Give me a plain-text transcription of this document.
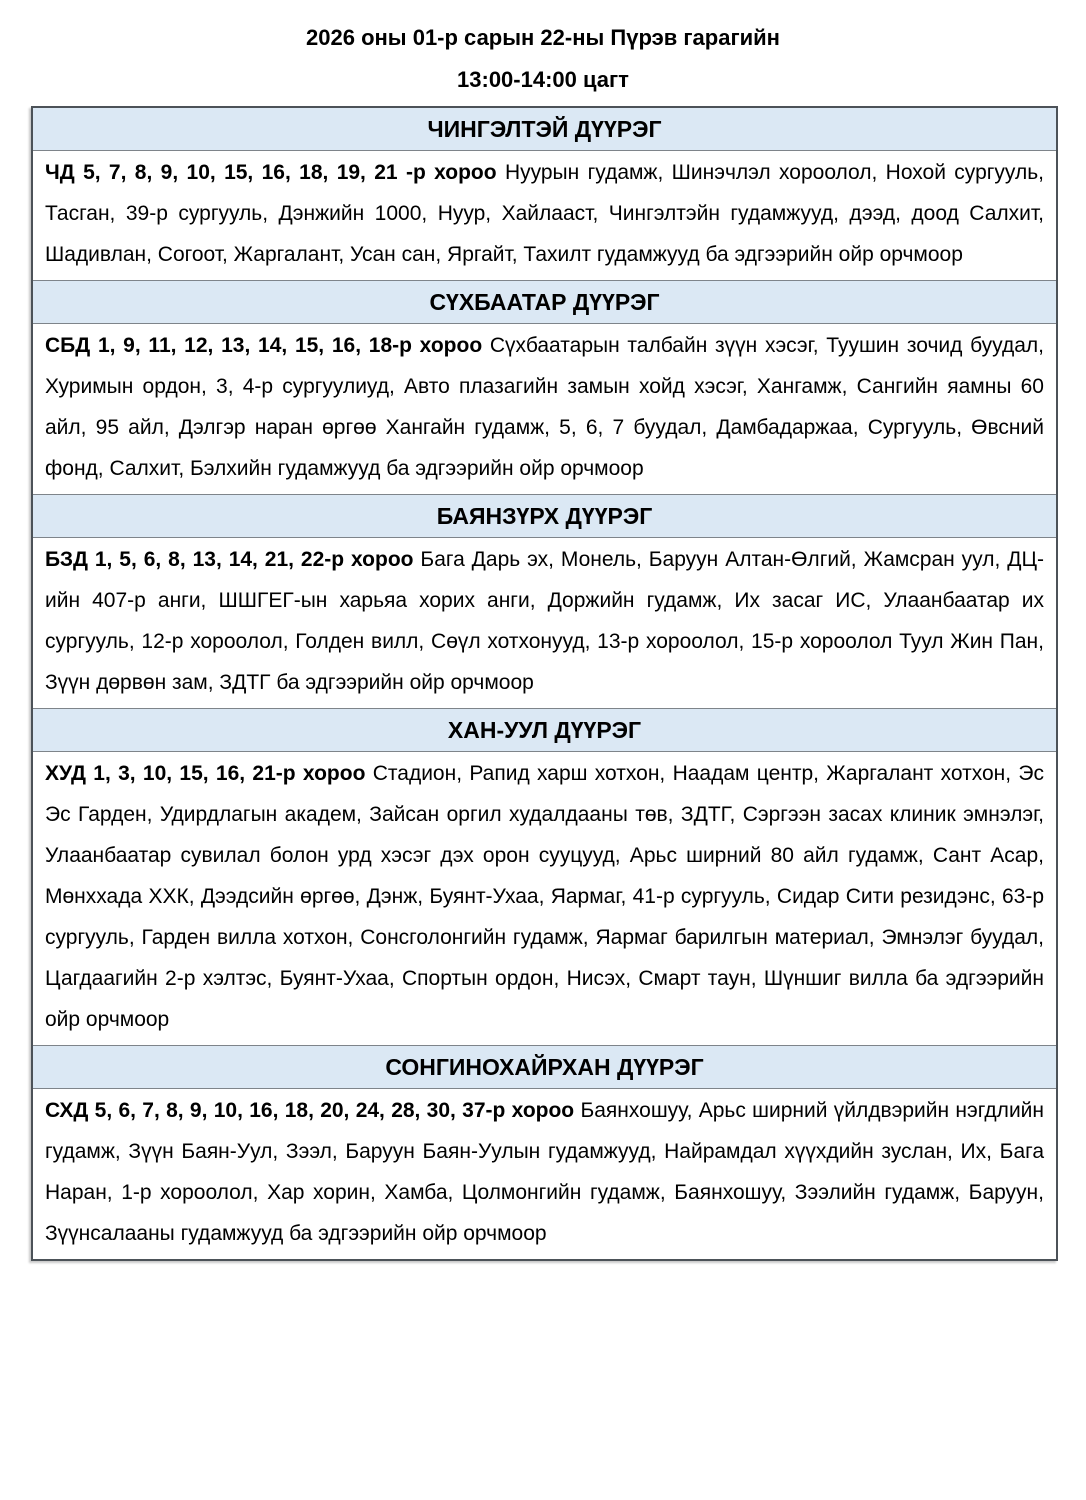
2026 оны 01-р сарын 22-ны Пүрэв гарагийн
13:00-14:00 цагт
ЧИНГЭЛТЭЙ ДҮҮРЭГ
ЧД 5, 7, 8, 9, 10, 15, 16, 18, 19, 21 -р хороо Нуурын гудамж, Шинэчлэл хороолол, Нохой сургууль, Тасган, 39-р сургууль, Дэнжийн 1000, Нуур, Хайлааст, Чингэлтэйн гудамжууд, дээд, доод Салхит, Шадивлан, Согоот, Жаргалант, Усан сан, Яргайт, Тахилт гудамжууд ба эдгээрийн ойр орчмоор
СҮХБААТАР ДҮҮРЭГ
СБД 1, 9, 11, 12, 13, 14, 15, 16, 18-р хороо Сүхбаатарын талбайн зүүн хэсэг, Туушин зочид буудал, Хуримын ордон, 3, 4-р сургуулиуд, Авто плазагийн замын хойд хэсэг, Хангамж, Сангийн яамны 60 айл, 95 айл, Дэлгэр наран өргөө Хангайн гудамж, 5, 6, 7 буудал, Дамбадаржаа, Сургууль, Өвсний фонд, Салхит, Бэлхийн гудамжууд ба эдгээрийн ойр орчмоор
БАЯНЗҮРХ ДҮҮРЭГ
БЗД 1, 5, 6, 8, 13, 14, 21, 22-р хороо Бага Дарь эх, Монель, Баруун Алтан-Өлгий, Жамсран уул, ДЦ-ийн 407-р анги, ШШГЕГ-ын харьяа хорих анги, Доржийн гудамж, Их засаг ИС, Улаанбаатар их сургууль, 12-р хороолол, Голден вилл, Сөүл хотхонууд, 13-р хороолол, 15-р хороолол Туул Жин Пан, Зүүн дөрвөн зам, ЗДТГ ба эдгээрийн ойр орчмоор
ХАН-УУЛ ДҮҮРЭГ
ХУД 1, 3, 10, 15, 16, 21-р хороо Стадион, Рапид харш хотхон, Наадам центр, Жаргалант хотхон, Эс Эс Гарден, Удирдлагын академ, Зайсан оргил худалдааны төв, ЗДТГ, Сэргээн засах клиник эмнэлэг, Улаанбаатар сувилал болон урд хэсэг дэх орон сууцууд, Арьс ширний 80 айл гудамж, Сант Асар, Мөнххада ХХК, Дээдсийн өргөө, Дэнж, Буянт-Ухаа, Яармаг, 41-р сургууль, Сидар Сити резидэнс, 63-р сургууль, Гарден вилла хотхон, Сонсголонгийн гудамж, Яармаг барилгын материал, Эмнэлэг буудал, Цагдаагийн 2-р хэлтэс, Буянт-Ухаа, Спортын ордон, Нисэх, Смарт таун, Шүншиг вилла ба эдгээрийн ойр орчмоор
СОНГИНОХАЙРХАН ДҮҮРЭГ
СХД 5, 6, 7, 8, 9, 10, 16, 18, 20, 24, 28, 30, 37-р хороо Баянхошуу, Арьс ширний үйлдвэрийн нэгдлийн гудамж, Зүүн Баян-Уул, Зээл, Баруун Баян-Уулын гудамжууд, Найрамдал хүүхдийн зуслан, Их, Бага Наран, 1-р хороолол, Хар хорин, Хамба, Цолмонгийн гудамж, Баянхошуу, Зээлийн гудамж, Баруун, Зүүнсалааны гудамжууд ба эдгээрийн ойр орчмоор
